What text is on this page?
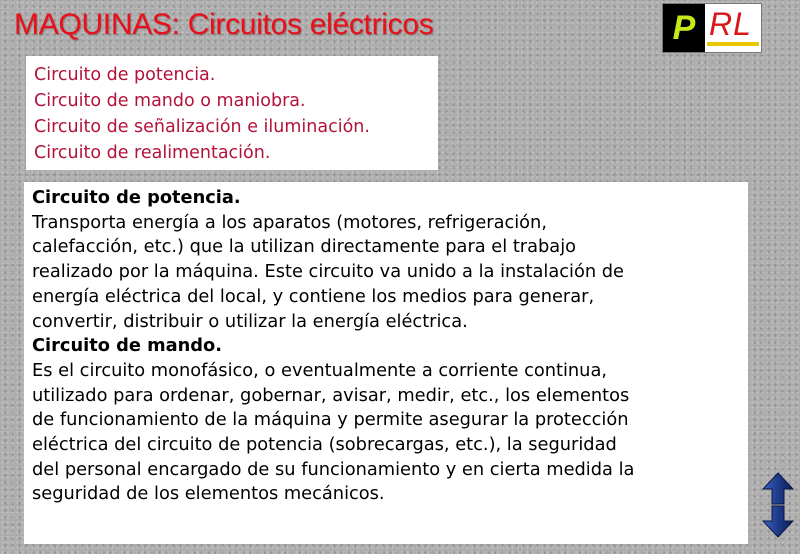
MAQUINAS: Circuitos eléctricos	P RL
Circuito de potencia.
Circuito de mando o maniobra.
Circuito de señalización e iluminación.
Circuito de realimentación.
Circuito de potencia.
Transporta energía a los aparatos (motores, refrigeración,
calefacción, etc.) que la utilizan directamente para el trabajo
realizado por la máquina. Este circuito va unido a la instalación de
energía eléctrica del local, y contiene los medios para generar,
convertir, distribuir o utilizar la energía eléctrica.
Circuito de mando.
Es el circuito monofásico, o eventualmente a corriente continua,
utilizado para ordenar, gobernar, avisar, medir, etc., los elementos
de funcionamiento de la máquina y permite asegurar la protección
eléctrica del circuito de potencia (sobrecargas, etc.), la seguridad
del personal encargado de su funcionamiento y en cierta medida la
seguridad de los elementos mecánicos.
